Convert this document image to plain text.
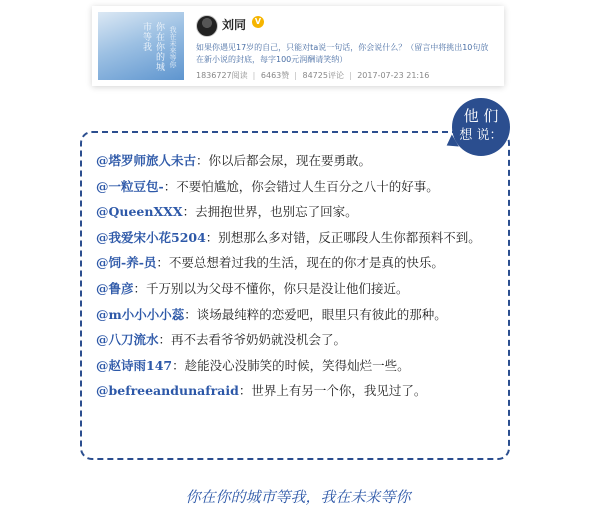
你在你的城市等我	我在未来等你
刘同	V
如果你遇见17岁的自己，只能对ta说一句话，你会说什么？（留言中将挑出10句放在新小说的封底，每字100元润酬请笑纳）
1836727阅读 | 6463赞 | 84725评论 | 2017-07-23 21:16
他 们
想 说：
@塔罗师旅人未古：你以后都会尿，现在要勇敢。
@一粒豆包-：不要怕尴尬，你会错过人生百分之八十的好事。
@QueenXXX：去拥抱世界，也别忘了回家。
@我爱宋小花5204：别想那么多对错，反正哪段人生你都预料不到。
@饲-养-员：不要总想着过我的生活，现在的你才是真的快乐。
@鲁彦：千万别以为父母不懂你，你只是没让他们接近。
@m小小小小蕊：谈场最纯粹的恋爱吧，眼里只有彼此的那种。
@八刀流水：再不去看爷爷奶奶就没机会了。
@赵诗雨147：趁能没心没肺笑的时候，笑得灿烂一些。
@befreeandunafraid：世界上有另一个你，我见过了。
你在你的城市等我，我在未来等你
